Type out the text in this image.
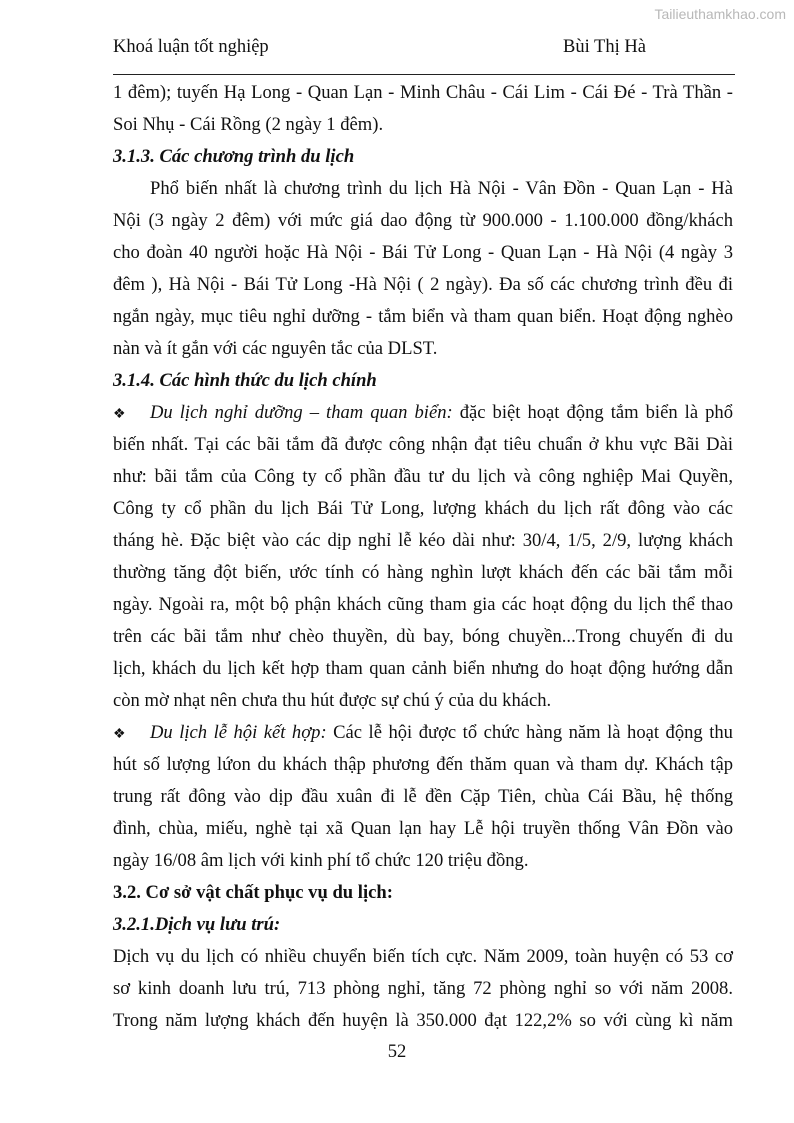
Tailieuthamkhao.com
Khoá luận tốt nghiệp	Bùi Thị Hà
1 đêm); tuyến Hạ Long - Quan Lạn - Minh Châu - Cái Lim - Cái Đé - Trà Thần -
Soi Nhụ - Cái Rồng (2 ngày 1 đêm).
3.1.3. Các chương trình du lịch
Phổ biến nhất là chương trình du lịch Hà Nội - Vân Đồn - Quan Lạn - Hà
Nội (3 ngày 2 đêm) với mức giá dao động từ 900.000 - 1.100.000 đồng/khách
cho đoàn 40 người hoặc Hà Nội - Bái Tử Long - Quan Lạn - Hà Nội (4 ngày 3
đêm ), Hà Nội - Bái Tử Long -Hà Nội ( 2 ngày). Đa số các chương trình đều đi
ngắn ngày, mục tiêu nghỉ dưỡng - tắm biển và tham quan biển. Hoạt động nghèo
nàn và ít gắn với các nguyên tắc của DLST.
3.1.4. Các hình thức du lịch chính
❖ Du lịch nghỉ dưỡng – tham quan biển: đặc biệt hoạt động tắm biển là phổ
biến nhất. Tại các bãi tắm đã được công nhận đạt tiêu chuẩn ở khu vực Bãi Dài
như: bãi tắm của Công ty cổ phần đầu tư du lịch và công nghiệp Mai Quyền,
Công ty cổ phần du lịch Bái Tử Long, lượng khách du lịch rất đông vào các
tháng hè. Đặc biệt vào các dịp nghỉ lễ kéo dài như: 30/4, 1/5, 2/9, lượng khách
thường tăng đột biến, ước tính có hàng nghìn lượt khách đến các bãi tắm mỗi
ngày. Ngoài ra, một bộ phận khách cũng tham gia các hoạt động du lịch thể thao
trên các bãi tắm như chèo thuyền, dù bay, bóng chuyền...Trong chuyến đi du
lịch, khách du lịch kết hợp tham quan cảnh biển nhưng do hoạt động hướng dẫn
còn mờ nhạt nên chưa thu hút được sự chú ý của du khách.
❖ Du lịch lễ hội kết hợp: Các lễ hội được tổ chức hàng năm là hoạt động thu
hút số lượng lứon du khách thập phương đến thăm quan và tham dự. Khách tập
trung rất đông vào dịp đầu xuân đi lễ đền Cặp Tiên, chùa Cái Bầu, hệ thống
đình, chùa, miếu, nghè tại xã Quan lạn hay Lễ hội truyền thống Vân Đồn vào
ngày 16/08 âm lịch với kinh phí tổ chức 120 triệu đồng.
3.2. Cơ sở vật chất phục vụ du lịch:
3.2.1.Dịch vụ lưu trú:
Dịch vụ du lịch có nhiều chuyển biến tích cực. Năm 2009, toàn huyện có 53 cơ
sơ kinh doanh lưu trú, 713 phòng nghỉ, tăng 72 phòng nghỉ so với năm 2008.
Trong năm lượng khách đến huyện là 350.000 đạt 122,2% so với cùng kì năm
52
